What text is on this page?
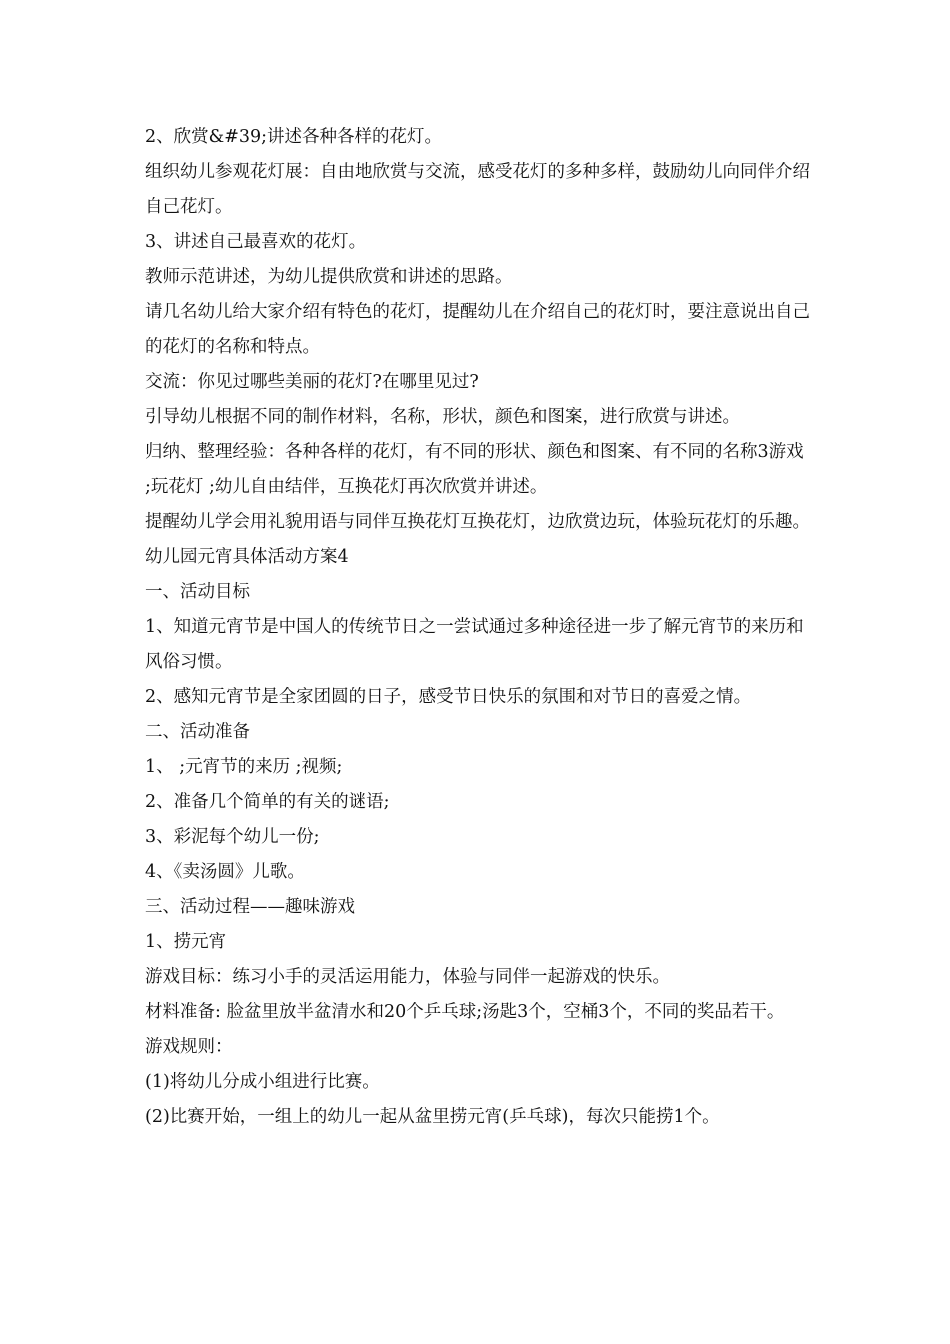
2、欣赏&#39;讲述各种各样的花灯。

组织幼儿参观花灯展：自由地欣赏与交流，感受花灯的多种多样，鼓励幼儿向同伴介绍自己花灯。

3、讲述自己最喜欢的花灯。

教师示范讲述，为幼儿提供欣赏和讲述的思路。

请几名幼儿给大家介绍有特色的花灯，提醒幼儿在介绍自己的花灯时，要注意说出自己的花灯的名称和特点。

交流：你见过哪些美丽的花灯?在哪里见过?

引导幼儿根据不同的制作材料，名称，形状，颜色和图案，进行欣赏与讲述。

归纳、整理经验：各种各样的花灯，有不同的形状、颜色和图案、有不同的名称3游戏 ;玩花灯 ;幼儿自由结伴，互换花灯再次欣赏并讲述。

提醒幼儿学会用礼貌用语与同伴互换花灯互换花灯，边欣赏边玩，体验玩花灯的乐趣。

幼儿园元宵具体活动方案4

一、活动目标

1、知道元宵节是中国人的传统节日之一尝试通过多种途径进一步了解元宵节的来历和风俗习惯。

2、感知元宵节是全家团圆的日子，感受节日快乐的氛围和对节日的喜爱之情。

二、活动准备

1、 ;元宵节的来历 ;视频;

2、准备几个简单的有关的谜语;

3、彩泥每个幼儿一份;

4、《卖汤圆》儿歌。

三、活动过程——趣味游戏

1、捞元宵

游戏目标：练习小手的灵活运用能力，体验与同伴一起游戏的快乐。

材料准备: 脸盆里放半盆清水和20个乒乓球;汤匙3个，空桶3个，不同的奖品若干。

游戏规则：

(1)将幼儿分成小组进行比赛。

(2)比赛开始，一组上的幼儿一起从盆里捞元宵(乒乓球)，每次只能捞1个。
